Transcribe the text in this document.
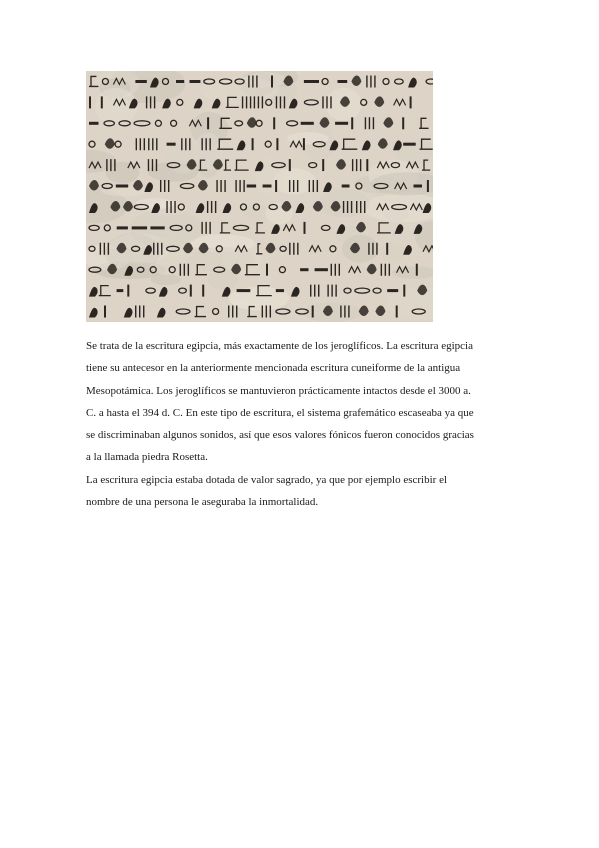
Se trata de la escritura egipcia, más exactamente de los jeroglíficos. La escritura egipcia
tiene su antecesor en la anteriormente mencionada escritura cuneiforme de la antigua
Mesopotámica. Los jeroglíficos se mantuvieron prácticamente intactos desde el 3000 a.
C. a hasta el 394 d. C. En este tipo de escritura, el sistema grafemático escaseaba ya que
se discriminaban algunos sonidos, así que esos valores fónicos fueron conocidos gracias
a la llamada piedra Rosetta.
La escritura egipcia estaba dotada de valor sagrado, ya que por ejemplo escribir el
nombre de una persona le aseguraba la inmortalidad.
